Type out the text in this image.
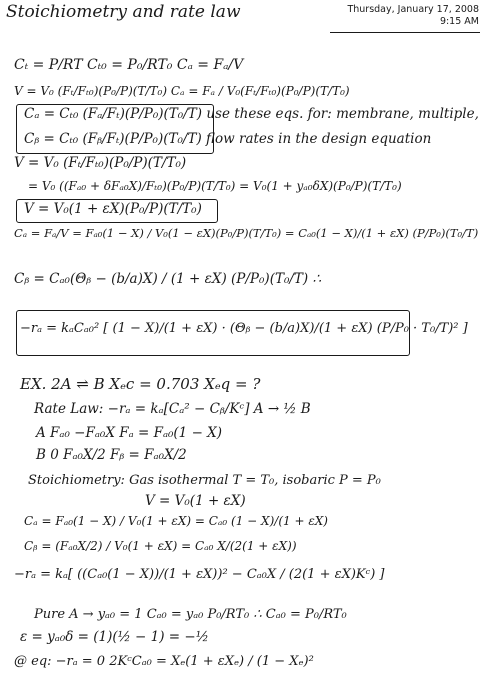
Stoichiometry and rate law	Thursday, January 17, 2008
9:15 AM
Cₜ = P/RT Cₜ₀ = P₀/RT₀ Cₐ = Fₐ/V
V = V₀ (Fₜ/Fₜ₀)(P₀/P)(T/T₀) Cₐ = Fₐ / V₀(Fₜ/Fₜ₀)(P₀/P)(T/T₀)
Cₐ = Cₜ₀ (Fₐ/Fₜ)(P/P₀)(T₀/T) use these eqs. for: membrane, multiple,
Cᵦ = Cₜ₀ (Fᵦ/Fₜ)(P/P₀)(T₀/T) flow rates in the design equation
V = V₀ (Fₜ/Fₜ₀)(P₀/P)(T/T₀)
= V₀ ((Fₐ₀ + δFₐ₀X)/Fₜ₀)(P₀/P)(T/T₀) = V₀(1 + yₐ₀δX)(P₀/P)(T/T₀)
V = V₀(1 + εX)(P₀/P)(T/T₀)
Cₐ = Fₐ/V = Fₐ₀(1 − X) / V₀(1 − εX)(P₀/P)(T/T₀) = Cₐ₀(1 − X)/(1 + εX) (P/P₀)(T₀/T)
Cᵦ = Cₐ₀(Θᵦ − (b/a)X) / (1 + εX) (P/P₀)(T₀/T) ∴
−rₐ = kₐCₐ₀² [ (1 − X)/(1 + εX) · (Θᵦ − (b/a)X)/(1 + εX) (P/P₀ · T₀/T)² ]
EX. 2A ⇌ B Xₑc = 0.703 Xₑq = ?
Rate Law: −rₐ = kₐ[Cₐ² − Cᵦ/Kᶜ] A → ½ B
A Fₐ₀ −Fₐ₀X Fₐ = Fₐ₀(1 − X)
B 0 Fₐ₀X/2 Fᵦ = Fₐ₀X/2
Stoichiometry: Gas isothermal T = T₀, isobaric P = P₀
V = V₀(1 + εX)
Cₐ = Fₐ₀(1 − X) / V₀(1 + εX) = Cₐ₀ (1 − X)/(1 + εX)
Cᵦ = (Fₐ₀X/2) / V₀(1 + εX) = Cₐ₀ X/(2(1 + εX))
−rₐ = kₐ[ ((Cₐ₀(1 − X))/(1 + εX))² − Cₐ₀X / (2(1 + εX)Kᶜ) ]
Pure A → yₐ₀ = 1 Cₐ₀ = yₐ₀ P₀/RT₀ ∴ Cₐ₀ = P₀/RT₀
ε = yₐ₀δ = (1)(½ − 1) = −½
@ eq: −rₐ = 0 2KᶜCₐ₀ = Xₑ(1 + εXₑ) / (1 − Xₑ)²
